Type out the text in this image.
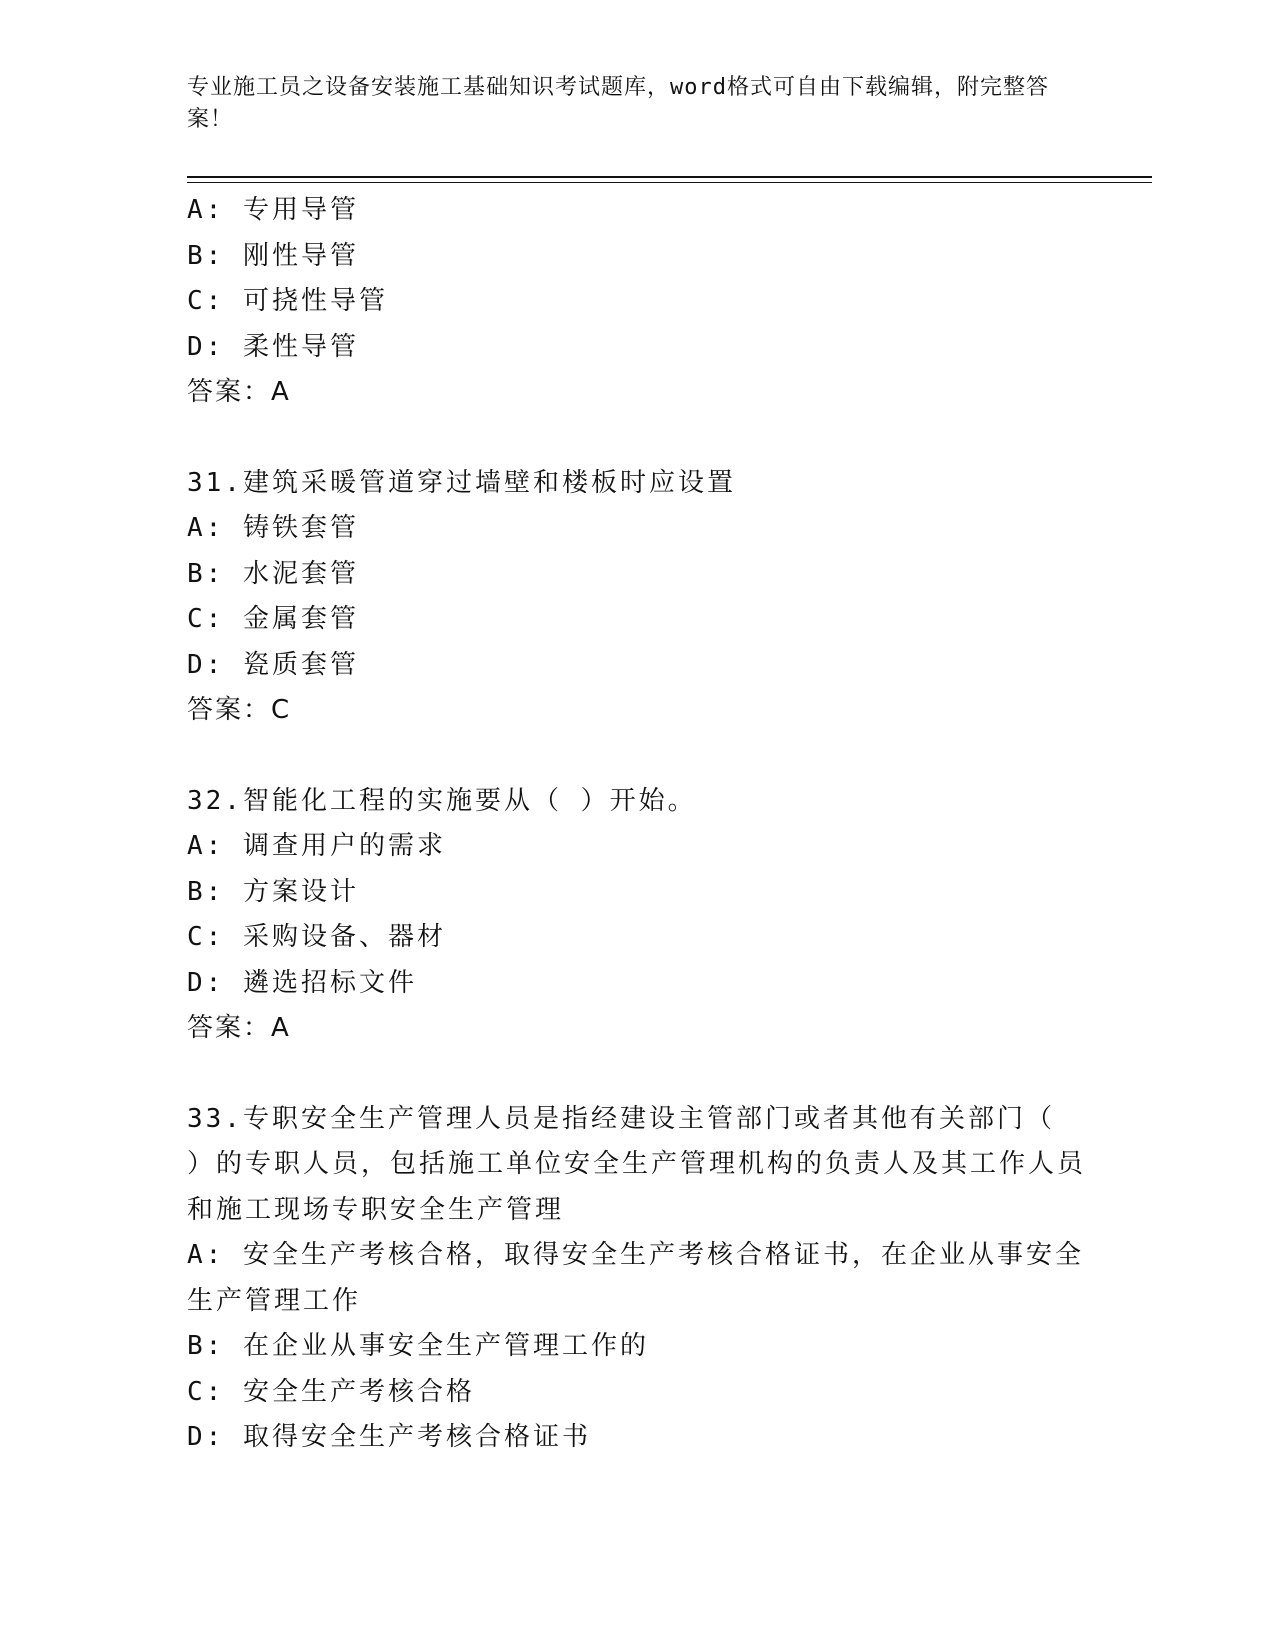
专业施工员之设备安装施工基础知识考试题库，word格式可自由下载编辑，附完整答案！
A: 专用导管
B: 刚性导管
C: 可挠性导管
D: 柔性导管
答案：A
31.建筑采暖管道穿过墙壁和楼板时应设置
A: 铸铁套管
B: 水泥套管
C: 金属套管
D: 瓷质套管
答案：C
32.智能化工程的实施要从（ ）开始。
A: 调查用户的需求
B: 方案设计
C: 采购设备、器材
D: 遴选招标文件
答案：A
33.专职安全生产管理人员是指经建设主管部门或者其他有关部门（ ）的专职人员，包括施工单位安全生产管理机构的负责人及其工作人员和施工现场专职安全生产管理
A: 安全生产考核合格，取得安全生产考核合格证书，在企业从事安全生产管理工作
B: 在企业从事安全生产管理工作的
C: 安全生产考核合格
D: 取得安全生产考核合格证书
